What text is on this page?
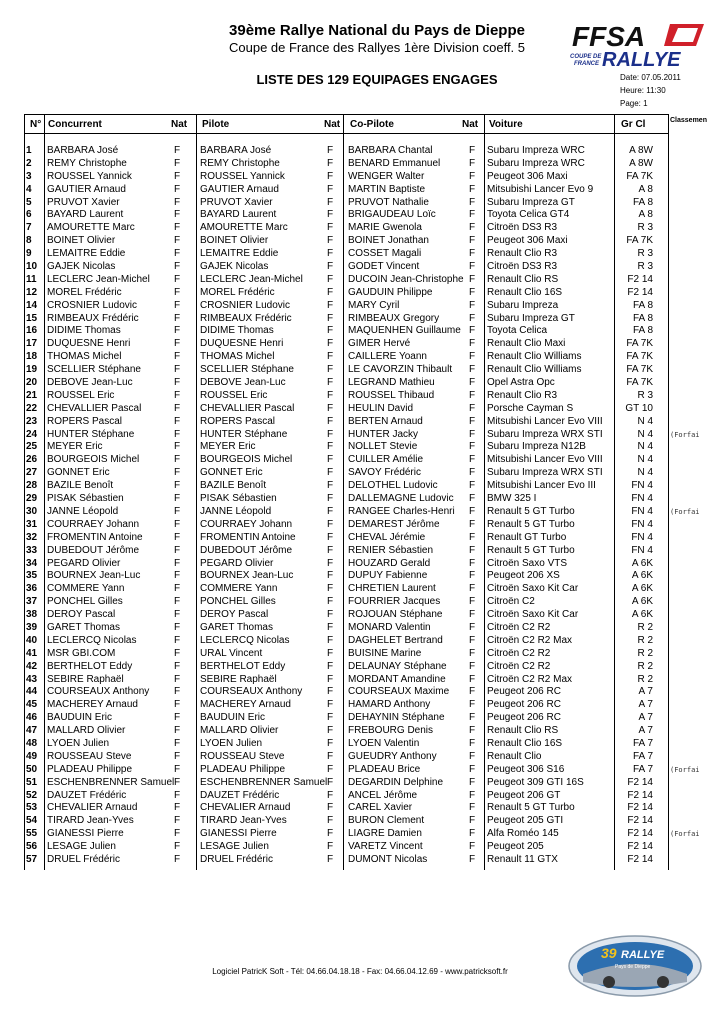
39ème Rallye National du Pays de Dieppe
Coupe de France des Rallyes 1ère Division coeff. 5
LISTE DES 129 EQUIPAGES ENGAGES
FFSA
COUPE DE
FRANCE RALLYE
Date: 07.05.2011
Heure: 11:30
Page: 1
N° Concurrent	Nat Pilote	Nat Co-Pilote	Nat Voiture	Gr Cl	Classemen
1 BARBARA José	F BARBARA José	F BARBARA Chantal	F Subaru Impreza WRC	A 8W
2 REMY Christophe	F REMY Christophe	F BENARD Emmanuel	F Subaru Impreza WRC	A 8W
3 ROUSSEL Yannick	F ROUSSEL Yannick	F WENGER Walter	F Peugeot 306 Maxi	FA 7K
4 GAUTIER Arnaud	F GAUTIER Arnaud	F MARTIN Baptiste	F Mitsubishi Lancer Evo 9	A 8
5 PRUVOT Xavier	F PRUVOT Xavier	F PRUVOT Nathalie	F Subaru Impreza GT	FA 8
6 BAYARD Laurent	F BAYARD Laurent	F BRIGAUDEAU Loïc	F Toyota Celica GT4	A 8
7 AMOURETTE Marc	F AMOURETTE Marc	F MARIE Gwenola	F Citroën DS3 R3	R 3
8 BOINET Olivier	F BOINET Olivier	F BOINET Jonathan	F Peugeot 306 Maxi	FA 7K
9 LEMAITRE Eddie	F LEMAITRE Eddie	F COSSET Magali	F Renault Clio R3	R 3
10 GAJEK Nicolas	F GAJEK Nicolas	F GODET Vincent	F Citroën DS3 R3	R 3
11 LECLERC Jean-Michel F LECLERC Jean-Michel F DUCOIN Jean-Christophe F Renault Clio RS	F2 14
12 MOREL Frédéric	F MOREL Frédéric	F GAUDUIN Philippe	F Renault Clio 16S	F2 14
14 CROSNIER Ludovic	F CROSNIER Ludovic	F MARY Cyril	F Subaru Impreza	FA 8
15 RIMBEAUX Frédéric	F RIMBEAUX Frédéric	F RIMBEAUX Gregory	F Subaru Impreza GT	FA 8
16 DIDIME Thomas	F DIDIME Thomas	F MAQUENHEN Guillaume F Toyota Celica	FA 8
17 DUQUESNE Henri	F DUQUESNE Henri	F GIMER Hervé	F Renault Clio Maxi	FA 7K
18 THOMAS Michel	F THOMAS Michel	F CAILLERE Yoann	F Renault Clio Williams	FA 7K
19 SCELLIER Stéphane	F SCELLIER Stéphane	F LE CAVORZIN Thibault F Renault Clio Williams	FA 7K
20 DEBOVE Jean-Luc	F DEBOVE Jean-Luc	F LEGRAND Mathieu	F Opel Astra Opc	FA 7K
21 ROUSSEL Eric	F ROUSSEL Eric	F ROUSSEL Thibaud	F Renault Clio R3	R 3
22 CHEVALLIER Pascal	F CHEVALLIER Pascal	F HEULIN David	F Porsche Cayman S	GT 10
23 ROPERS Pascal	F ROPERS Pascal	F BERTEN Arnaud	F Mitsubishi Lancer Evo VIII	N 4
24 HUNTER Stéphane	F HUNTER Stéphane	F HUNTER Jacky	F Subaru Impreza WRX STI	N 4 (Forfai
25 MEYER Eric	F MEYER Eric	F NOLLET Stevie	F Subaru Impreza N12B	N 4
26 BOURGEOIS Michel	F BOURGEOIS Michel	F CUILLER Amélie	F Mitsubishi Lancer Evo VIII	N 4
27 GONNET Eric	F GONNET Eric	F SAVOY Frédéric	F Subaru Impreza WRX STI	N 4
28 BAZILE Benoît	F BAZILE Benoît	F DELOTHEL Ludovic	F Mitsubishi Lancer Evo III	FN 4
29 PISAK Sébastien	F PISAK Sébastien	F DALLEMAGNE Ludovic F BMW 325 I	FN 4
30 JANNE Léopold	F JANNE Léopold	F RANGEE Charles-Henri F Renault 5 GT Turbo	FN 4 (Forfai
31 COURRAEY Johann	F COURRAEY Johann	F DEMAREST Jérôme	F Renault 5 GT Turbo	FN 4
32 FROMENTIN Antoine	F FROMENTIN Antoine	F CHEVAL Jérémie	F Renault GT Turbo	FN 4
33 DUBEDOUT Jérôme	F DUBEDOUT Jérôme	F RENIER Sébastien	F Renault 5 GT Turbo	FN 4
34 PEGARD Olivier	F PEGARD Olivier	F HOUZARD Gerald	F Citroën Saxo VTS	A 6K
35 BOURNEX Jean-Luc	F BOURNEX Jean-Luc	F DUPUY Fabienne	F Peugeot 206 XS	A 6K
36 COMMERE Yann	F COMMERE Yann	F CHRETIEN Laurent	F Citroën Saxo Kit Car	A 6K
37 PONCHEL Gilles	F PONCHEL Gilles	F FOURRIER Jacques	F Citroën C2	A 6K
38 DEROY Pascal	F DEROY Pascal	F ROJOUAN Stéphane	F Citroën Saxo Kit Car	A 6K
39 GARET Thomas	F GARET Thomas	F MONARD Valentin	F Citroën C2 R2	R 2
40 LECLERCQ Nicolas	F LECLERCQ Nicolas	F DAGHELET Bertrand	F Citroën C2 R2 Max	R 2
41 MSR GBI.COM	F URAL Vincent	F BUISINE Marine	F Citroën C2 R2	R 2
42 BERTHELOT Eddy	F BERTHELOT Eddy	F DELAUNAY Stéphane F Citroën C2 R2	R 2
43 SEBIRE Raphaël	F SEBIRE Raphaël	F MORDANT Amandine F Citroën C2 R2 Max	R 2
44 COURSEAUX Anthony F COURSEAUX Anthony F COURSEAUX Maxime F Peugeot 206 RC	A 7
45 MACHEREY Arnaud	F MACHEREY Arnaud	F HAMARD Anthony	F Peugeot 206 RC	A 7
46 BAUDUIN Eric	F BAUDUIN Eric	F DEHAYNIN Stéphane F Peugeot 206 RC	A 7
47 MALLARD Olivier	F MALLARD Olivier	F FREBOURG Denis	F Renault Clio RS	A 7
48 LYOEN Julien	F LYOEN Julien	F LYOEN Valentin	F Renault Clio 16S	FA 7
49 ROUSSEAU Steve	F ROUSSEAU Steve	F GUEUDRY Anthony	F Renault Clio	FA 7
50 PLADEAU Philippe	F PLADEAU Philippe	F PLADEAU Brice	F Peugeot 306 S16	FA 7 (Forfai
51 ESCHENBRENNER Samuel F ESCHENBRENNER Samuel F DEGARDIN Delphine	F Peugeot 309 GTI 16S	F2 14
52 DAUZET Frédéric	F DAUZET Frédéric	F ANCEL Jérôme	F Peugeot 206 GT	F2 14
53 CHEVALIER Arnaud	F CHEVALIER Arnaud	F CAREL Xavier	F Renault 5 GT Turbo	F2 14
54 TIRARD Jean-Yves	F TIRARD Jean-Yves	F BURON Clement	F Peugeot 205 GTI	F2 14
55 GIANESSI Pierre	F GIANESSI Pierre	F LIAGRE Damien	F Alfa Roméo 145	F2 14 (Forfai
56 LESAGE Julien	F LESAGE Julien	F VARETZ Vincent	F Peugeot 205	F2 14
57 DRUEL Frédéric	F DRUEL Frédéric	F DUMONT Nicolas	F Renault 11 GTX	F2 14
Logiciel PatricK Soft - Tél: 04.66.04.18.18 - Fax: 04.66.04.12.69 - www.patricksoft.fr
39 RALLYE
Pays de Dieppe
